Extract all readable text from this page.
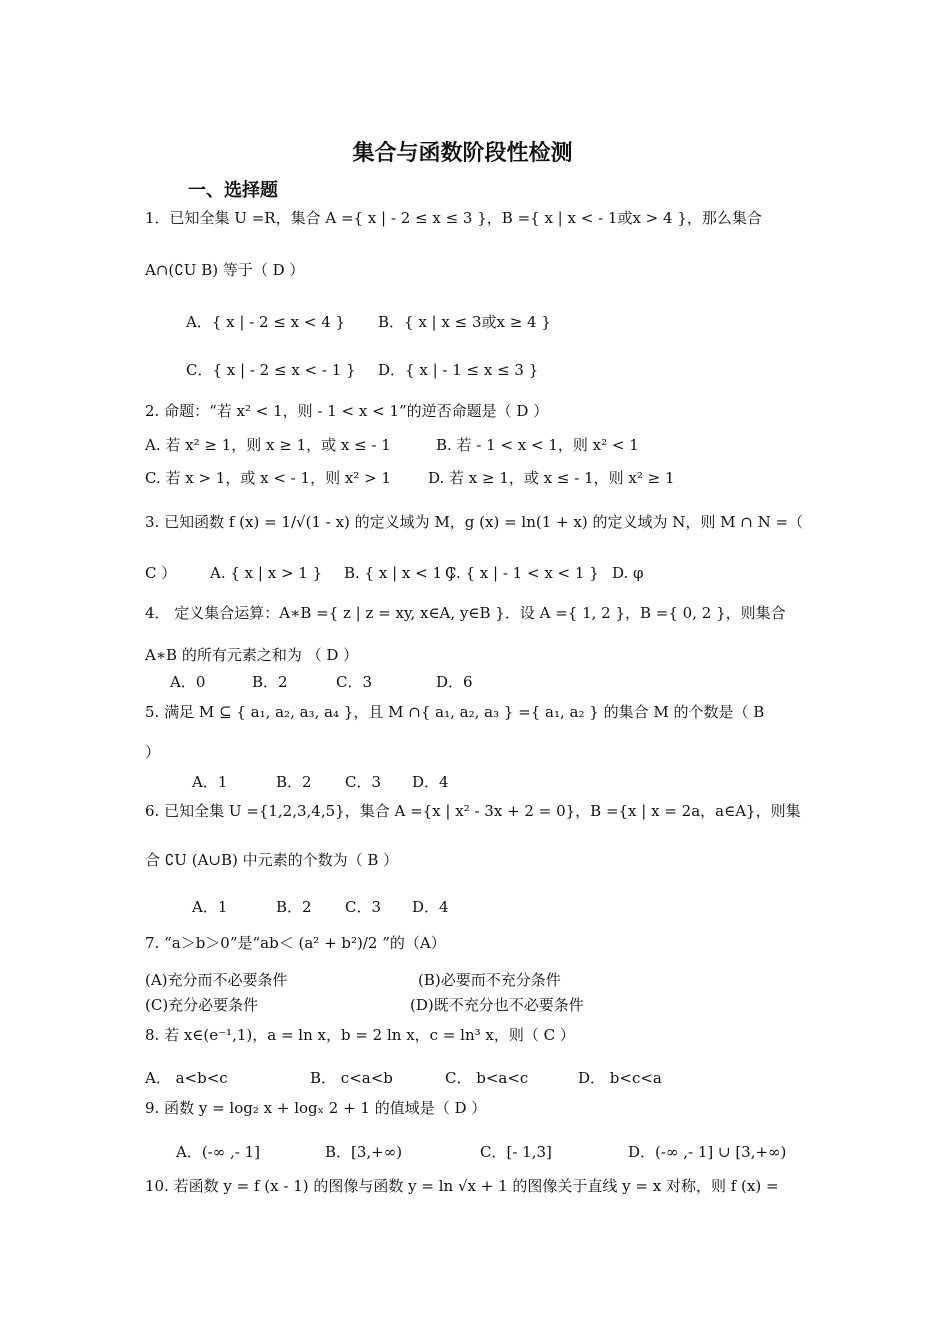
集合与函数阶段性检测
一、选择题
1．已知全集 U =R，集合 A ={ x | - 2 ≤ x ≤ 3 }，B ={ x | x < - 1或x > 4 }，那么集合
A∩(∁U B) 等于（ D ）
A．{ x | - 2 ≤ x < 4 } B．{ x | x ≤ 3或x ≥ 4 }
C．{ x | - 2 ≤ x < - 1 } D．{ x | - 1 ≤ x ≤ 3 }
2. 命题：“若 x² < 1，则 - 1 < x < 1”的逆否命题是（ D ）
A. 若 x² ≥ 1，则 x ≥ 1，或 x ≤ - 1	B. 若 - 1 < x < 1，则 x² < 1
C. 若 x > 1，或 x < - 1，则 x² > 1 D. 若 x ≥ 1，或 x ≤ - 1，则 x² ≥ 1
3. 已知函数 f (x) = 1/√(1 - x) 的定义域为 M，g (x) = ln(1 + x) 的定义域为 N，则 M ∩ N =（
C ） A. { x | x > 1 } B. { x | x < 1 }
C. { x | - 1 < x < 1 } D. φ
4． 定义集合运算：A∗B ={ z | z = xy, x∈A, y∈B }．设 A ={ 1, 2 }，B ={ 0, 2 }，则集合
A∗B 的所有元素之和为 （ D ）
A．0	B．2	C．3	D．6
5. 满足 M ⊆ { a₁, a₂, a₃, a₄ }，且 M ∩{ a₁, a₂, a₃ } ={ a₁, a₂ } 的集合 M 的个数是（ B
）
A．1	B．2 C．3 D．4
6. 已知全集 U ={1,2,3,4,5}，集合 A ={x | x² - 3x + 2 = 0}，B ={x | x = 2a，a∈A}，则集
合 ∁U (A∪B) 中元素的个数为（ B ）
A．1	B．2 C．3 D．4
7. “a＞b＞0”是“ab＜ (a² + b²)/2 ”的（A）
(A)充分而不必要条件	(B)必要而不充分条件
(C)充分必要条件	(D)既不充分也不必要条件
8. 若 x∈(e⁻¹,1)，a = ln x，b = 2 ln x，c = ln³ x，则（ C ）
A． a<b<c	B． c<a<b	C． b<a<c	D． b<c<a
9. 函数 y = log₂ x + logₓ 2 + 1 的值域是（ D ）
A．(-∞ ,- 1]	B．[3,+∞)	C．[- 1,3]	D．(-∞ ,- 1] ∪ [3,+∞)
10. 若函数 y = f (x - 1) 的图像与函数 y = ln √x + 1 的图像关于直线 y = x 对称，则 f (x) =
